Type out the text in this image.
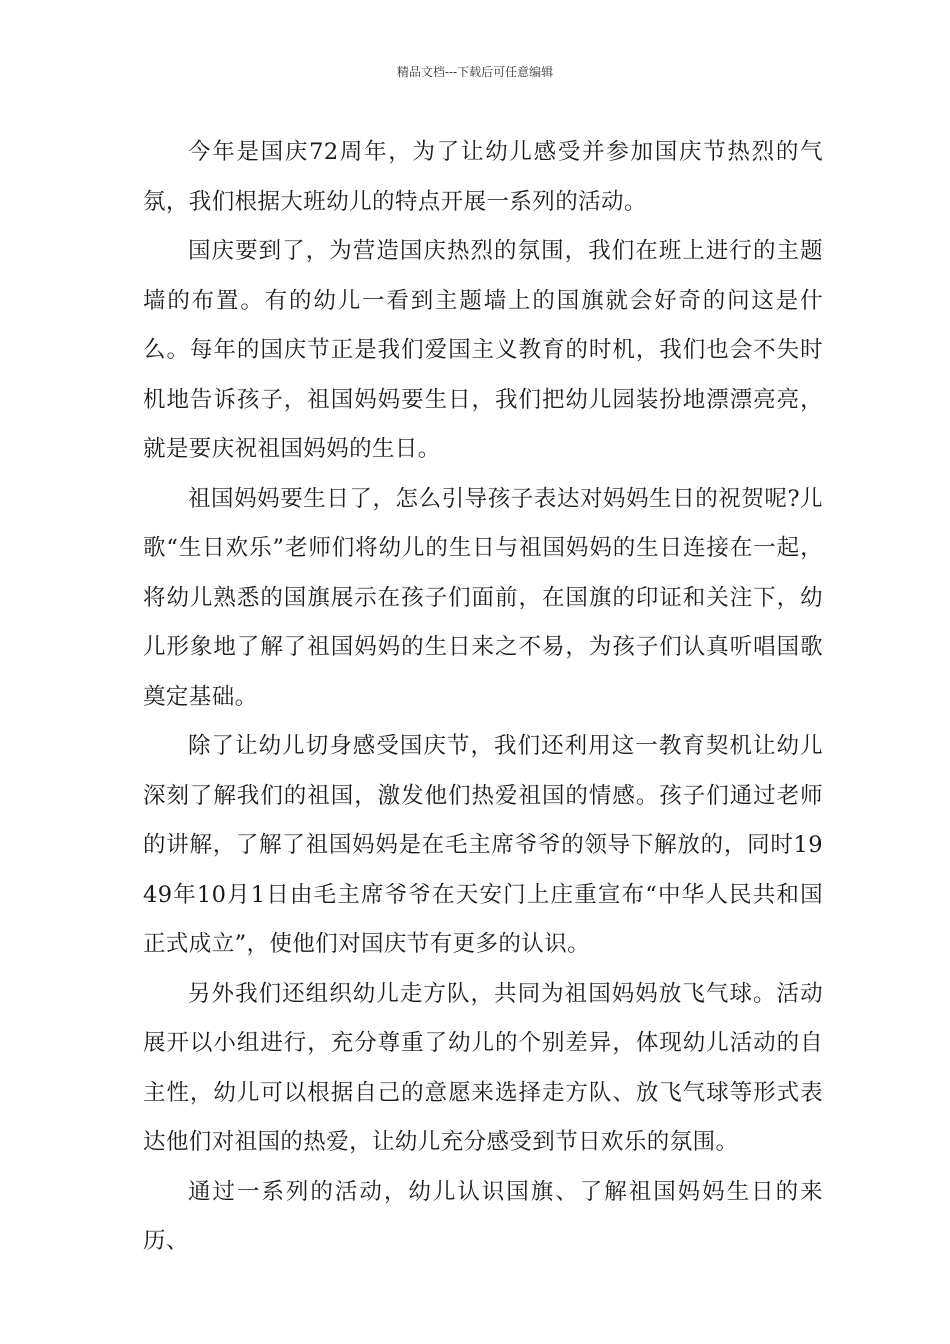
精品文档---下载后可任意编辑

今年是国庆72周年，为了让幼儿感受并参加国庆节热烈的气氛，我们根据大班幼儿的特点开展一系列的活动。

国庆要到了，为营造国庆热烈的氛围，我们在班上进行的主题墙的布置。有的幼儿一看到主题墙上的国旗就会好奇的问这是什么。每年的国庆节正是我们爱国主义教育的时机，我们也会不失时机地告诉孩子，祖国妈妈要生日，我们把幼儿园装扮地漂漂亮亮，就是要庆祝祖国妈妈的生日。

祖国妈妈要生日了，怎么引导孩子表达对妈妈生日的祝贺呢?儿歌“生日欢乐”老师们将幼儿的生日与祖国妈妈的生日连接在一起，将幼儿熟悉的国旗展示在孩子们面前，在国旗的印证和关注下，幼儿形象地了解了祖国妈妈的生日来之不易，为孩子们认真听唱国歌奠定基础。

除了让幼儿切身感受国庆节，我们还利用这一教育契机让幼儿深刻了解我们的祖国，激发他们热爱祖国的情感。孩子们通过老师的讲解，了解了祖国妈妈是在毛主席爷爷的领导下解放的，同时1949年10月1日由毛主席爷爷在天安门上庄重宣布“中华人民共和国正式成立”，使他们对国庆节有更多的认识。

另外我们还组织幼儿走方队，共同为祖国妈妈放飞气球。活动展开以小组进行，充分尊重了幼儿的个别差异，体现幼儿活动的自主性，幼儿可以根据自己的意愿来选择走方队、放飞气球等形式表达他们对祖国的热爱，让幼儿充分感受到节日欢乐的氛围。

通过一系列的活动，幼儿认识国旗、了解祖国妈妈生日的来历、
